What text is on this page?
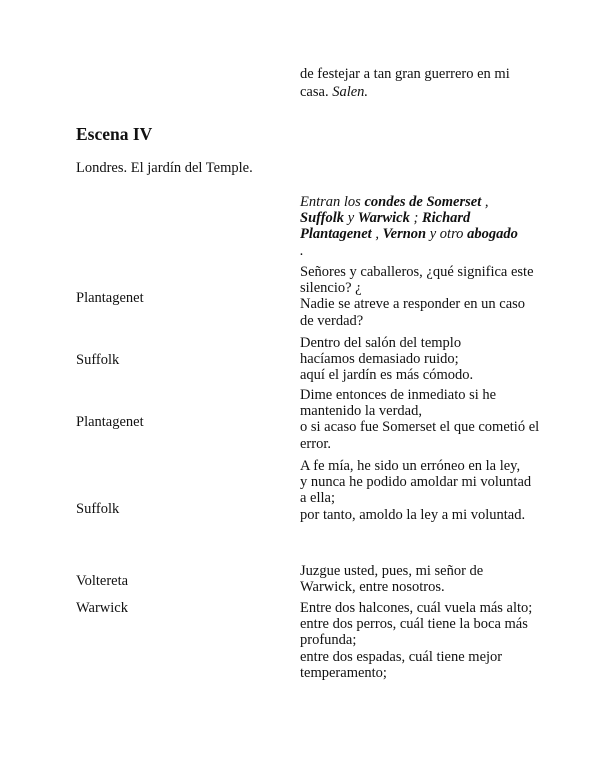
de festejar a tan gran guerrero en mi casa. Salen.
Escena IV

Londres. El jardín del Temple.

Entran los condes de Somerset , Suffolk y Warwick ; Richard Plantagenet , Vernon y otro abogado .
Plantagenet
Señores y caballeros, ¿qué significa este silencio? ¿
Nadie se atreve a responder en un caso de verdad?
Suffolk
Dentro del salón del templo
hacíamos demasiado ruido;
aquí el jardín es más cómodo.
Plantagenet
Dime entonces de inmediato si he mantenido la verdad,
o si acaso fue Somerset el que cometió el error.
Suffolk
A fe mía, he sido un erróneo en la ley,
y nunca he podido amoldar mi voluntad a ella;
por tanto, amoldo la ley a mi voluntad.
Voltereta
Juzgue usted, pues, mi señor de Warwick, entre nosotros.
Warwick	Entre dos halcones, cuál vuela más alto;
entre dos perros, cuál tiene la boca más profunda;
entre dos espadas, cuál tiene mejor temperamento;
